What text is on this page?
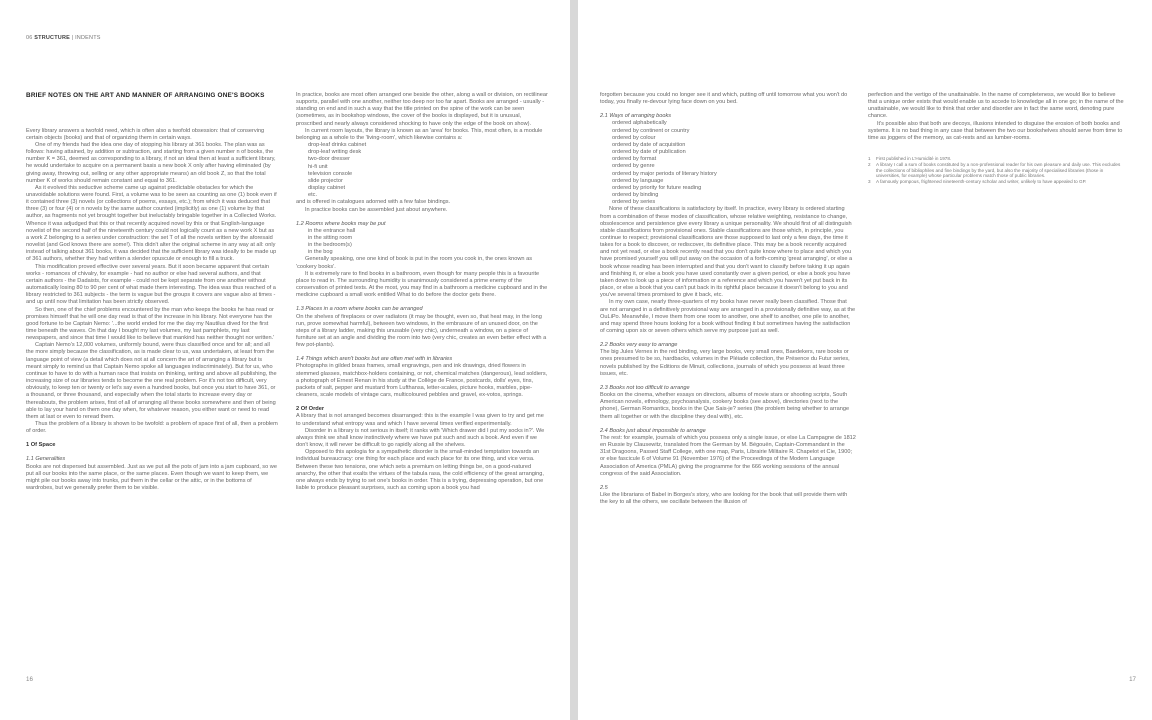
06 STRUCTURE | INDENTS
BRIEF NOTES ON THE ART AND MANNER OF ARRANGING ONE'S BOOKS

Every library answers a twofold need, which is often also a twofold obsession: that of conserving certain objects (books) and that of organizing them in certain ways.

One of my friends had the idea one day of stopping his library at 361 books. The plan was as follows: having attained, by addition or subtraction, and starting from a given number n of books, the number K = 361, deemed as corresponding to a library, if not an ideal then at least a sufficient library, he would undertake to acquire on a permanent basis a new book X only after having eliminated (by giving away, throwing out, selling or any other appropriate means) an old book Z, so that the total number K of works should remain constant and equal to 361.

As it evolved this seductive scheme came up against predictable obstacles for which the unavoidable solutions were found. First, a volume was to be seen as counting as one (1) book even if it contained three (3) novels (or collections of poems, essays, etc.); from which it was deduced that three (3) or four (4) or n novels by the same author counted (implicitly) as one (1) volume by that author, as fragments not yet brought together but ineluctably bringable together in a Collected Works. Whence it was adjudged that this or that recently acquired novel by this or that English-language novelist of the second half of the nineteenth century could not logically count as a new work X but as a work Z belonging to a series under construction: the set T of all the novels written by the aforesaid novelist (and God knows there are some!). This didn't alter the original scheme in any way at all: only instead of talking about 361 books, it was decided that the sufficient library was ideally to be made up of 361 authors, whether they had written a slender opuscule or enough to fill a truck.

This modification proved effective over several years. But it soon became apparent that certain works - romances of chivalry, for example - had no author or else had several authors, and that certain authors - the Dadaists, for example - could not be kept separate from one another without automatically losing 80 to 90 per cent of what made them interesting. The idea was thus reached of a library restricted to 361 subjects - the term is vague but the groups it covers are vague also at times - and up until now that limitation has been strictly observed.

So then, one of the chief problems encountered by the man who keeps the books he has read or promises himself that he will one day read is that of the increase in his library. Not everyone has the good fortune to be Captain Nemo: '...the world ended for me the day my Nautilus dived for the first time beneath the waves. On that day I bought my last volumes, my last pamphlets, my last newspapers, and since that time I would like to believe that mankind has neither thought nor written.'

Captain Nemo's 12,000 volumes, uniformly bound, were thus classified once and for all; and all the more simply because the classification, as is made clear to us, was undertaken, at least from the language point of view (a detail which does not at all concern the art of arranging a library but is meant simply to remind us that Captain Nemo spoke all languages indiscriminately). But for us, who continue to have to do with a human race that insists on thinking, writing and above all publishing, the increasing size of our libraries tends to become the one real problem. For it's not too difficult, very obviously, to keep ten or twenty or let's say even a hundred books, but once you start to have 361, or a thousand, or three thousand, and especially when the total starts to increase every day or thereabouts, the problem arises, first of all of arranging all these books somewhere and then of being able to lay your hand on them one day when, for whatever reason, you either want or need to read them at last or even to reread them.

Thus the problem of a library is shown to be twofold: a problem of space first of all, then a problem of order.

1 Of Space
1.1 Generalities

Books are not dispersed but assembled. Just as we put all the pots of jam into a jam cupboard, so we put all our books into the same place, or the same places. Even though we want to keep them, we might pile our books away into trunks, put them in the cellar or the attic, or in the bottoms of wardrobes, but we generally prefer them to be visible.

In practice, books are most often arranged one beside the other, along a wall or division, on rectilinear supports, parallel with one another, neither too deep nor too far apart. Books are arranged - usually - standing on end and in such a way that the title printed on the spine of the work can be seen (sometimes, as in bookshop windows, the cover of the books is displayed, but it is unusual, proscribed and nearly always considered shocking to have only the edge of the book on show).

In current room layouts, the library is known as an 'area' for books. This, most often, is a module belonging as a whole to the 'living-room', which likewise contains a:

drop-leaf drinks cabinet
drop-leaf writing desk
two-door dresser
hi-fi unit
television console
slide projector
display cabinet
etc.

and is offered in catalogues adorned with a few false bindings.

In practice books can be assembled just about anywhere.

1.2 Rooms where books may be put
in the entrance hall
in the sitting room
in the bedroom(s)
in the bog

Generally speaking, one one kind of book is put in the room you cook in, the ones known as 'cookery books'.

It is extremely rare to find books in a bathroom, even though for many people this is a favourite place to read in. The surrounding humidity is unanimously considered a prime enemy of the conservation of printed texts. At the most, you may find in a bathroom a medicine cupboard and in the medicine cupboard a small work entitled What to do before the doctor gets there.

1.3 Places in a room where books can be arranged

On the shelves of fireplaces or over radiators (it may be thought, even so, that heat may, in the long run, prove somewhat harmful), between two windows, in the embrasure of an unused door, on the steps of a library ladder, making this unusable (very chic), underneath a window, on a piece of furniture set at an angle and dividing the room into two (very chic, creates an even better effect with a few pot-plants).

1.4 Things which aren't books but are often met with in libraries

Photographs in gilded brass frames, small engravings, pen and ink drawings, dried flowers in stemmed glasses, matchbox-holders containing, or not, chemical matches (dangerous), lead soldiers, a photograph of Ernest Renan in his study at the Collège de France, postcards, dolls' eyes, tins, packets of salt, pepper and mustard from Lufthansa, letter-scales, picture hooks, marbles, pipe-cleaners, scale models of vintage cars, multicoloured pebbles and gravel, ex-votos, springs.

2 Of Order

A library that is not arranged becomes disarranged: this is the example I was given to try and get me to understand what entropy was and which I have several times verified experimentally.

Disorder in a library is not serious in itself; it ranks with 'Which drawer did I put my socks in?'. We always think we shall know instinctively where we have put such and such a book. And even if we don't know, it will never be difficult to go rapidly along all the shelves.

Opposed to this apologia for a sympathetic disorder is the small-minded temptation towards an individual bureaucracy: one thing for each place and each place for its one thing, and vice versa. Between these two tensions, one which sets a premium on letting things be, on a good-natured anarchy, the other that exalts the virtues of the tabula rasa, the cold efficiency of the great arranging, one always ends by trying to set one's books in order. This is a trying, depressing operation, but one liable to produce pleasant surprises, such as coming upon a book you had

16

forgotten because you could no longer see it and which, putting off until tomorrow what you won't do today, you finally re-devour lying face down on you bed.

2.1 Ways of arranging books
ordered alphabetically
ordered by continent or country
ordered by colour
ordered by date of acquisition
ordered by date of publication
ordered by format
ordered by genre
ordered by major periods of literary history
ordered by language
ordered by priority for future reading
ordered by binding
ordered by series

None of these classifications is satisfactory by itself. In practice, every library is ordered starting from a combination of these modes of classification, whose relative weighting, resistance to change, obsolescence and persistence give every library a unique personality. We should first of all distinguish stable classifications from provisional ones. Stable classifications are those which, in principle, you continue to respect; provisional classifications are those supposed to last only a few days, the time it takes for a book to discover, or rediscover, its definitive place. This may be a book recently acquired and not yet read, or else a book recently read that you don't quite know where to place and which you have promised yourself you will put away on the occasion of a forth-coming 'great arranging', or else a book whose reading has been interrupted and that you don't want to classify before taking it up again and finishing it, or else a book you have used constantly over a given period, or else a book you have taken down to look up a piece of information or a reference and which you haven't yet put back in its place, or else a book that you can't put back in its rightful place because it doesn't belong to you and you've several times promised to give it back, etc.

In my own case, nearly three-quarters of my books have never really been classified. Those that are not arranged in a definitively provisional way are arranged in a provisionally definitive way, as at the OuLiPo. Meanwhile, I move them from one room to another, one shelf to another, one pile to another, and may spend three hours looking for a book without finding it but sometimes having the satisfaction of coming upon six or seven others which serve my purpose just as well.

2.2 Books very easy to arrange

The big Jules Vernes in the red binding, very large books, very small ones, Baedekers, rare books or ones presumed to be so, hardbacks, volumes in the Pléiade collection, the Présence du Futur series, novels published by the Editions de Minuit, collections, journals of which you possess at least three issues, etc.

2.3 Books not too difficult to arrange

Books on the cinema, whether essays on directors, albums of movie stars or shooting scripts, South American novels, ethnology, psychoanalysis, cookery books (see above), directories (next to the phone), German Romantics, books in the Que Sais-je? series (the problem being whether to arrange them all together or with the discipline they deal with), etc.

2.4 Books just about impossible to arrange

The rest: for example, journals of which you possess only a single issue, or else La Campagne de 1812 en Russie by Clausewitz, translated from the German by M. Bégouën, Captain-Commandant in the 31st Dragoons, Passed Staff College, with one map, Paris, Librairie Militaire R. Chapelot et Cie, 1900; or else fascicule 6 of Volume 91 (November 1976) of the Proceedings of the Modern Language Association of America (PMLA) giving the programme for the 666 working sessions of the annual congress of the said Association.

2.5

Like the librarians of Babel in Borges's story, who are looking for the book that will provide them with the key to all the others, we oscillate between the illusion of

perfection and the vertigo of the unattainable. In the name of completeness, we would like to believe that a unique order exists that would enable us to accede to knowledge all in one go; in the name of the unattainable, we would like to think that order and disorder are in fact the same word, denoting pure chance.

It's possible also that both are decoys, illusions intended to disguise the erosion of both books and systems. It is no bad thing in any case that between the two our bookshelves should serve from time to time as joggers of the memory, as cat-rests and as lumber-rooms.

1	First published in L'Humidité in 1978.
2	A library I call a sum of books constituted by a non-professional reader for his own pleasure and daily use. This excludes the collections of bibliophiles and fine bindings by the yard, but also the majority of specialised libraries (those in universities, for example) whose particular problems match those of public libraries.
3	A famously pompous, frightened nineteenth-century scholar and writer, unlikely to have appealed to GP.
17
